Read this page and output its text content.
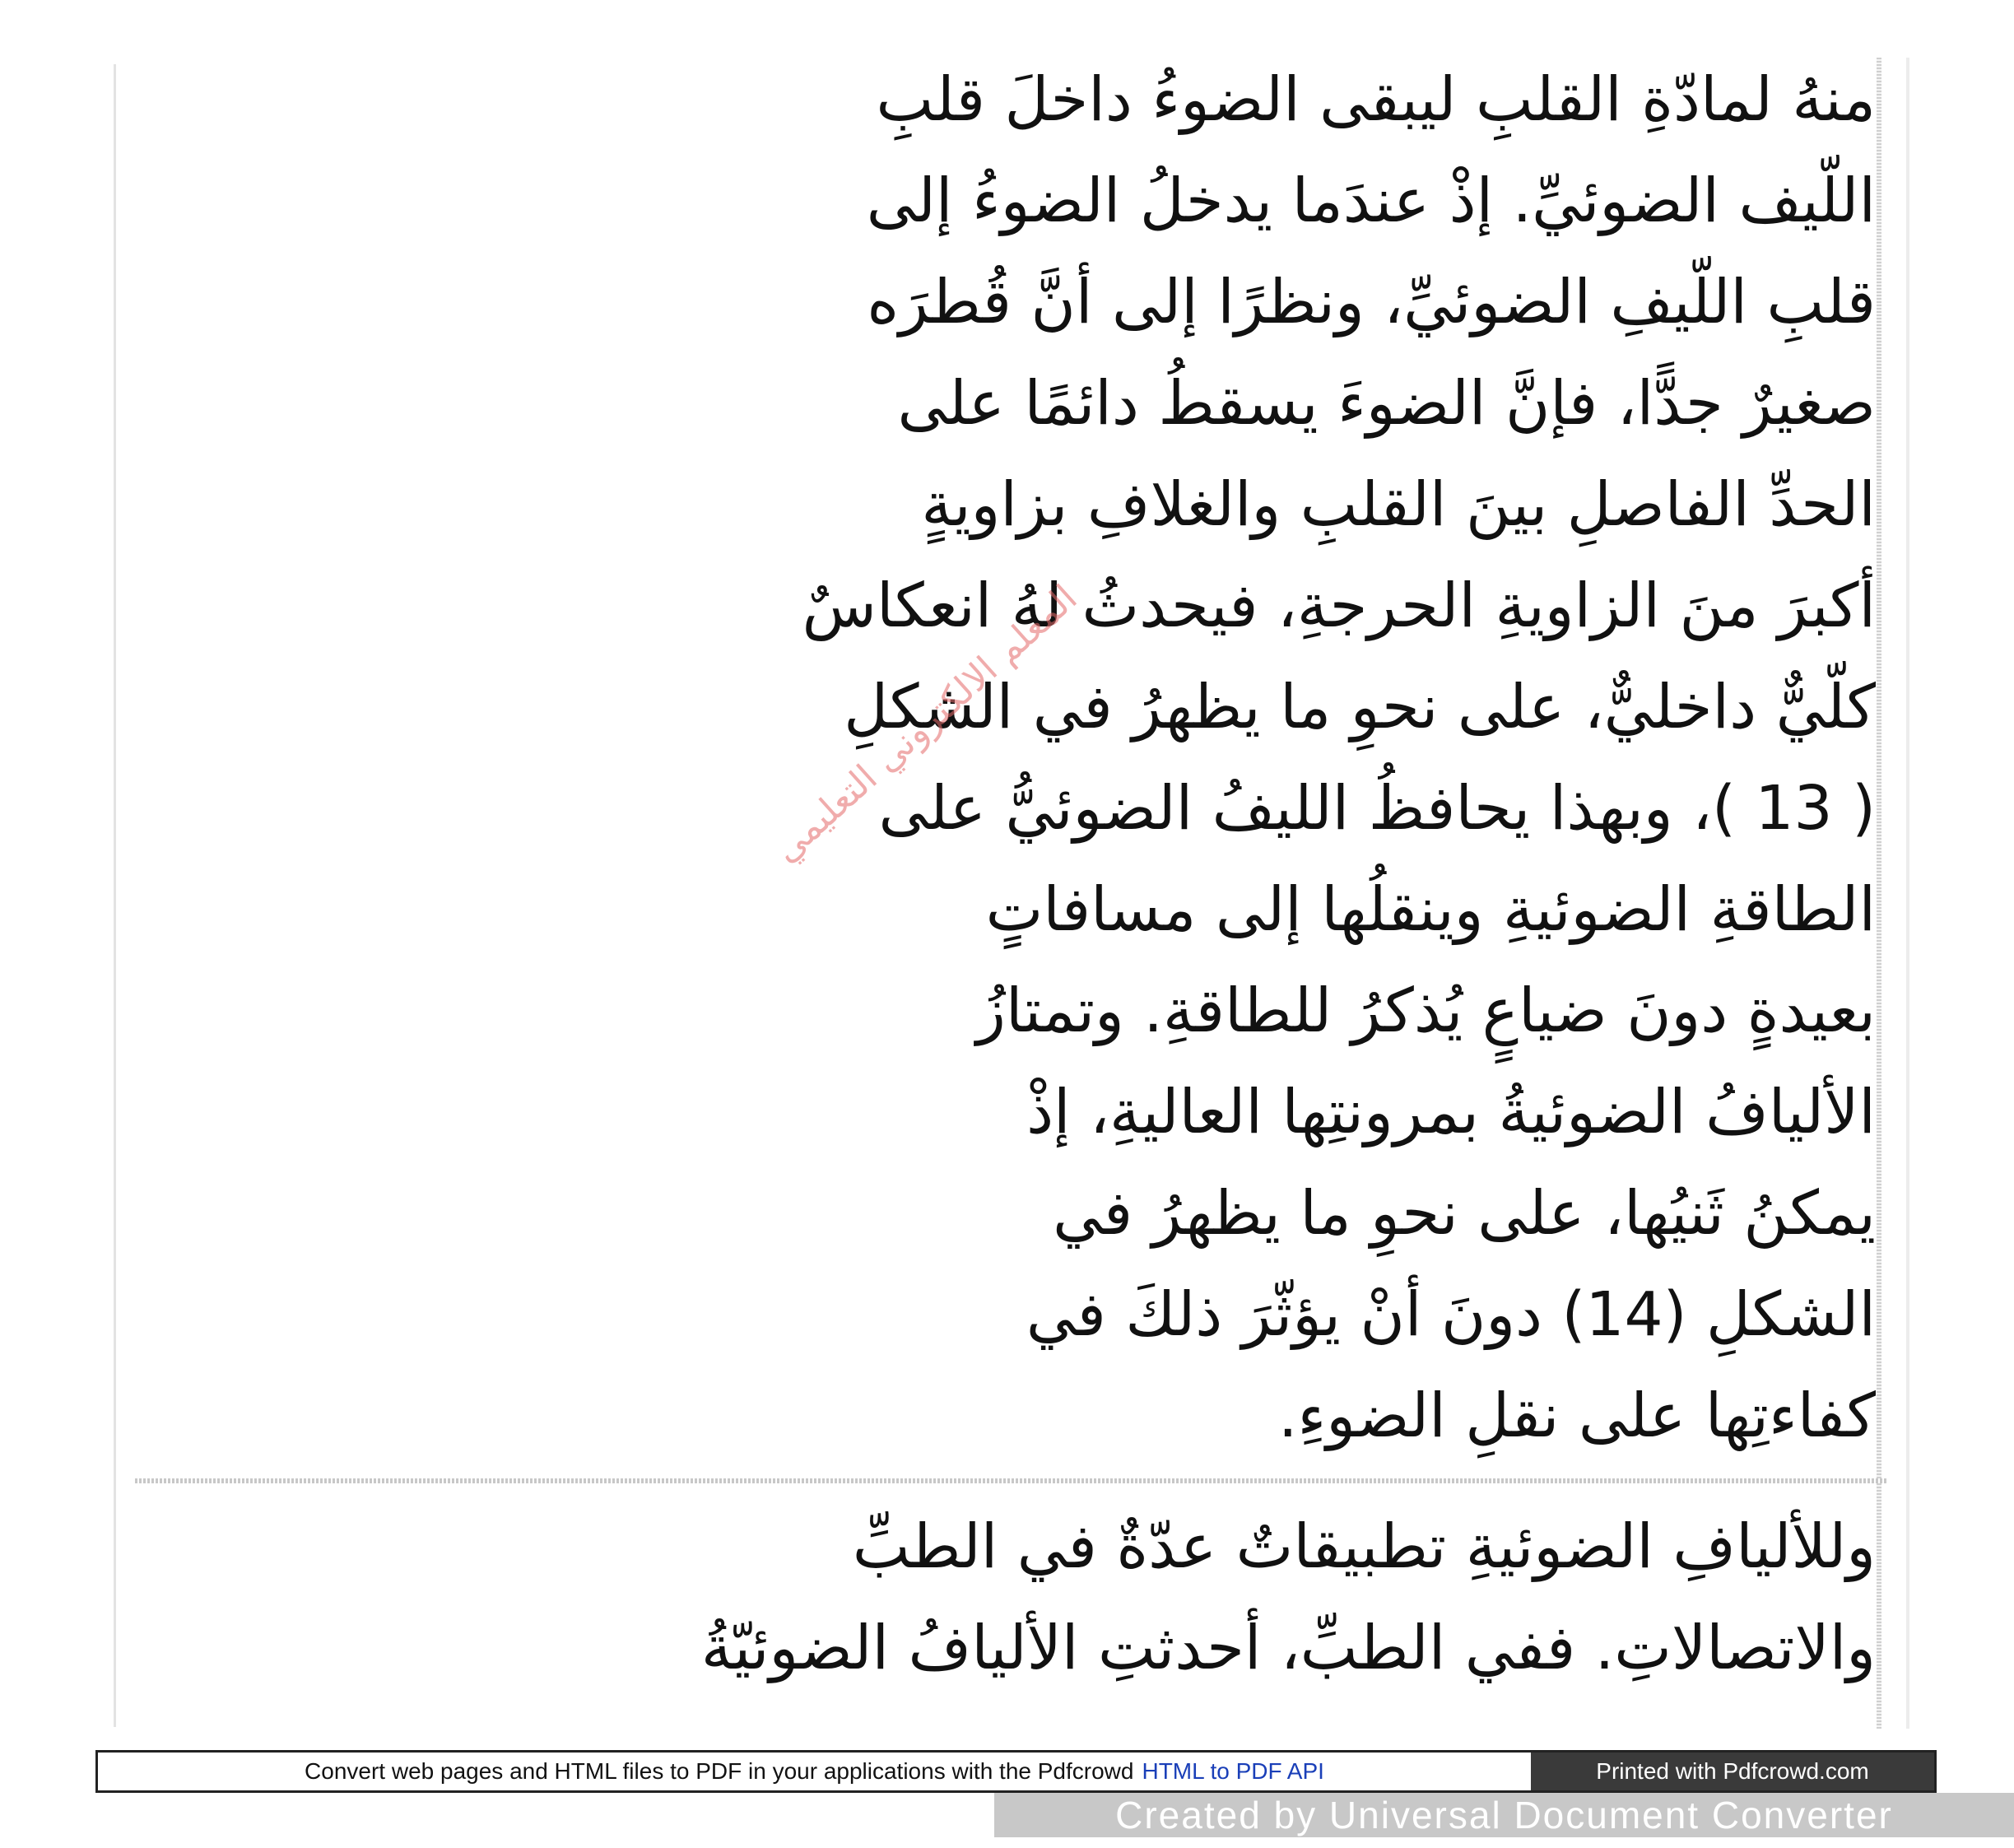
منهُ لمادّةِ القلبِ ليبقى الضوءُ داخلَ قلبِ
اللّيف الضوئيِّ. إذْ عندَما يدخلُ الضوءُ إلى
قلبِ اللّيفِ الضوئيِّ، ونظرًا إلى أنَّ قُطرَه
صغيرٌ جدًّا، فإنَّ الضوءَ يسقطُ دائمًا على
الحدِّ الفاصلِ بينَ القلبِ والغلافِ بزاويةٍ
أكبرَ منَ الزاويةِ الحرجةِ، فيحدثُ لهُ انعكاسٌ
كلّيٌّ داخليٌّ، على نحوِ ما يظهرُ في الشكلِ
( 13 )، وبهذا يحافظُ الليفُ الضوئيُّ على
الطاقةِ الضوئيةِ وينقلُها إلى مسافاتٍ
بعيدةٍ دونَ ضياعٍ يُذكرُ للطاقةِ. وتمتازُ
الأليافُ الضوئيةُ بمرونتِها العاليةِ، إذْ
يمكنُ ثَنيُها، على نحوِ ما يظهرُ في
الشكلِ (14) دونَ أنْ يؤثّرَ ذلكَ في
كفاءتِها على نقلِ الضوءِ.
المعلم الالكتروني التعليمي
وللأليافِ الضوئيةِ تطبيقاتٌ عدّةٌ في الطبِّ
والاتصالاتِ. ففي الطبِّ، أحدثتِ الأليافُ الضوئيّةُ
Convert web pages and HTML files to PDF in your applications with the Pdfcrowd HTML to PDF API	Printed with Pdfcrowd.com
Created by Universal Document Converter
